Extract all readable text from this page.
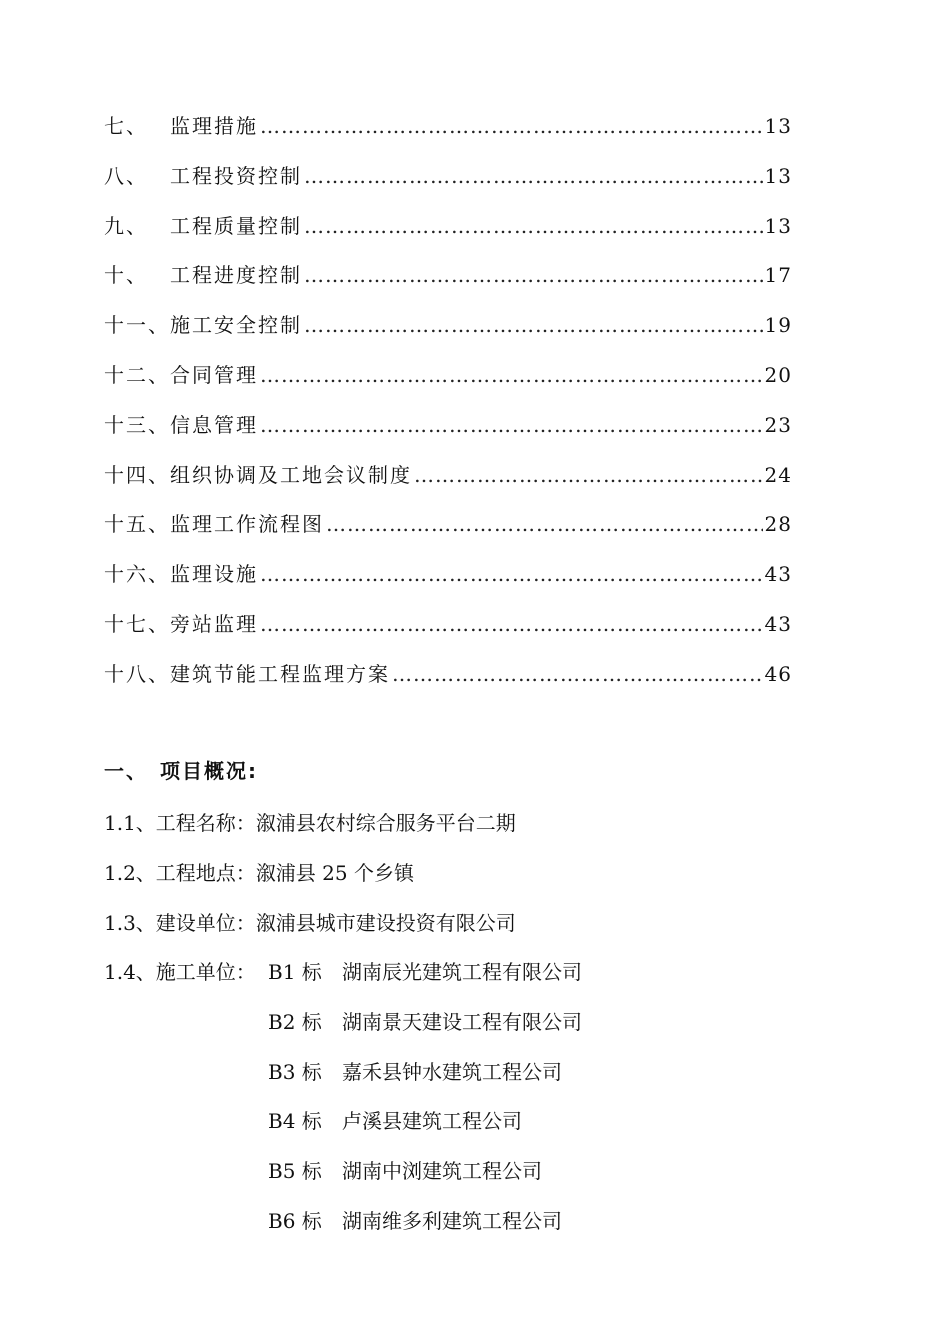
七、	监理措施 …………………………………………………………………………………………………………………………………………………………………………	13
八、	工程投资控制 …………………………………………………………………………………………………………………………………………………………………………	13
九、	工程质量控制 …………………………………………………………………………………………………………………………………………………………………………	13
十、	工程进度控制 …………………………………………………………………………………………………………………………………………………………………………	17
十一、 施工安全控制 …………………………………………………………………………………………………………………………………………………………………………	19
十二、 合同管理 …………………………………………………………………………………………………………………………………………………………………………	20
十三、 信息管理 …………………………………………………………………………………………………………………………………………………………………………	23
十四、 组织协调及工地会议制度 …………………………………………………………………………………………………………………………………………………………………………	24
十五、 监理工作流程图 …………………………………………………………………………………………………………………………………………………………………………	28
十六、 监理设施 …………………………………………………………………………………………………………………………………………………………………………	43
十七、 旁站监理 …………………………………………………………………………………………………………………………………………………………………………	43
十八、 建筑节能工程监理方案 …………………………………………………………………………………………………………………………………………………………………………	46
一、 项目概况:
1.1、工程名称： 溆浦县农村综合服务平台二期
1.2、工程地点： 溆浦县 25 个乡镇
1.3、建设单位： 溆浦县城市建设投资有限公司
1.4、施工单位： B1 标	湖南辰光建筑工程有限公司
B2 标	湖南景天建设工程有限公司
B3 标	嘉禾县钟水建筑工程公司
B4 标	卢溪县建筑工程公司
B5 标	湖南中浏建筑工程公司
B6 标	湖南维多利建筑工程公司
